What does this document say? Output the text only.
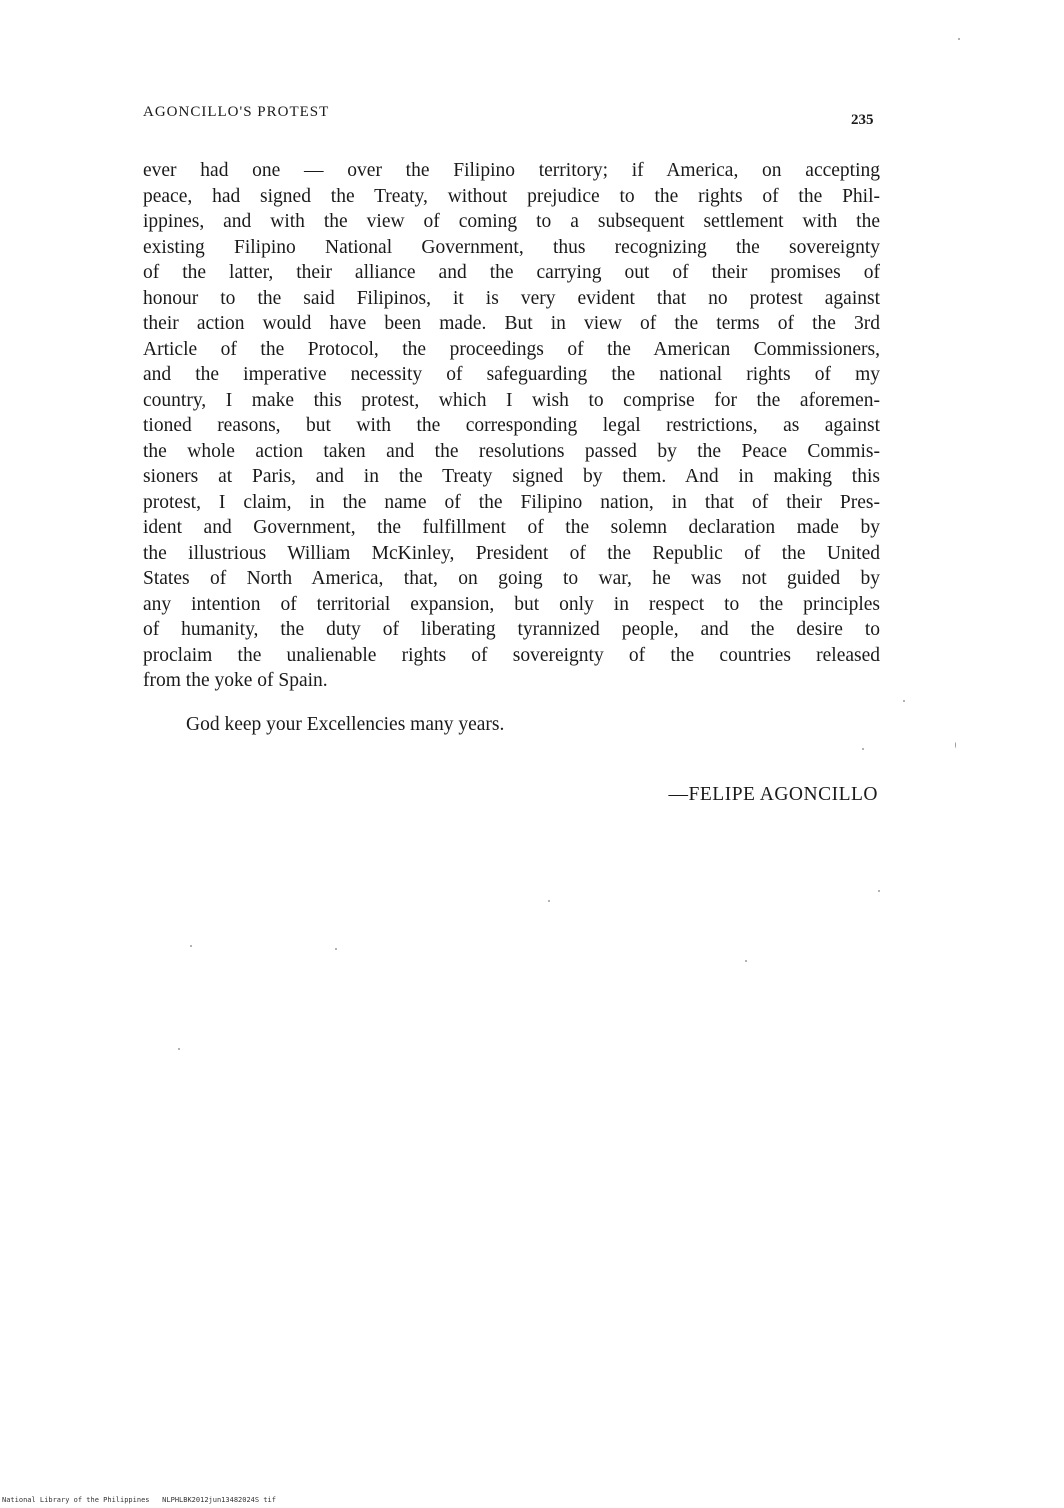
AGONCILLO'S PROTEST	235
ever had one — over the Filipino territory; if America, on accepting
peace, had signed the Treaty, without prejudice to the rights of the Phil-
ippines, and with the view of coming to a subsequent settlement with the
existing Filipino National Government, thus recognizing the sovereignty
of the latter, their alliance and the carrying out of their promises of
honour to the said Filipinos, it is very evident that no protest against
their action would have been made. But in view of the terms of the 3rd
Article of the Protocol, the proceedings of the American Commissioners,
and the imperative necessity of safeguarding the national rights of my
country, I make this protest, which I wish to comprise for the aforemen-
tioned reasons, but with the corresponding legal restrictions, as against
the whole action taken and the resolutions passed by the Peace Commis-
sioners at Paris, and in the Treaty signed by them. And in making this
protest, I claim, in the name of the Filipino nation, in that of their Pres-
ident and Government, the fulfillment of the solemn declaration made by
the illustrious William McKinley, President of the Republic of the United
States of North America, that, on going to war, he was not guided by
any intention of territorial expansion, but only in respect to the principles
of humanity, the duty of liberating tyrannized people, and the desire to
proclaim the unalienable rights of sovereignty of the countries released
from the yoke of Spain.
God keep your Excellencies many years.
—FELIPE AGONCILLO
National Library of the Philippines NLPHLBK2012jun13482024S tif
